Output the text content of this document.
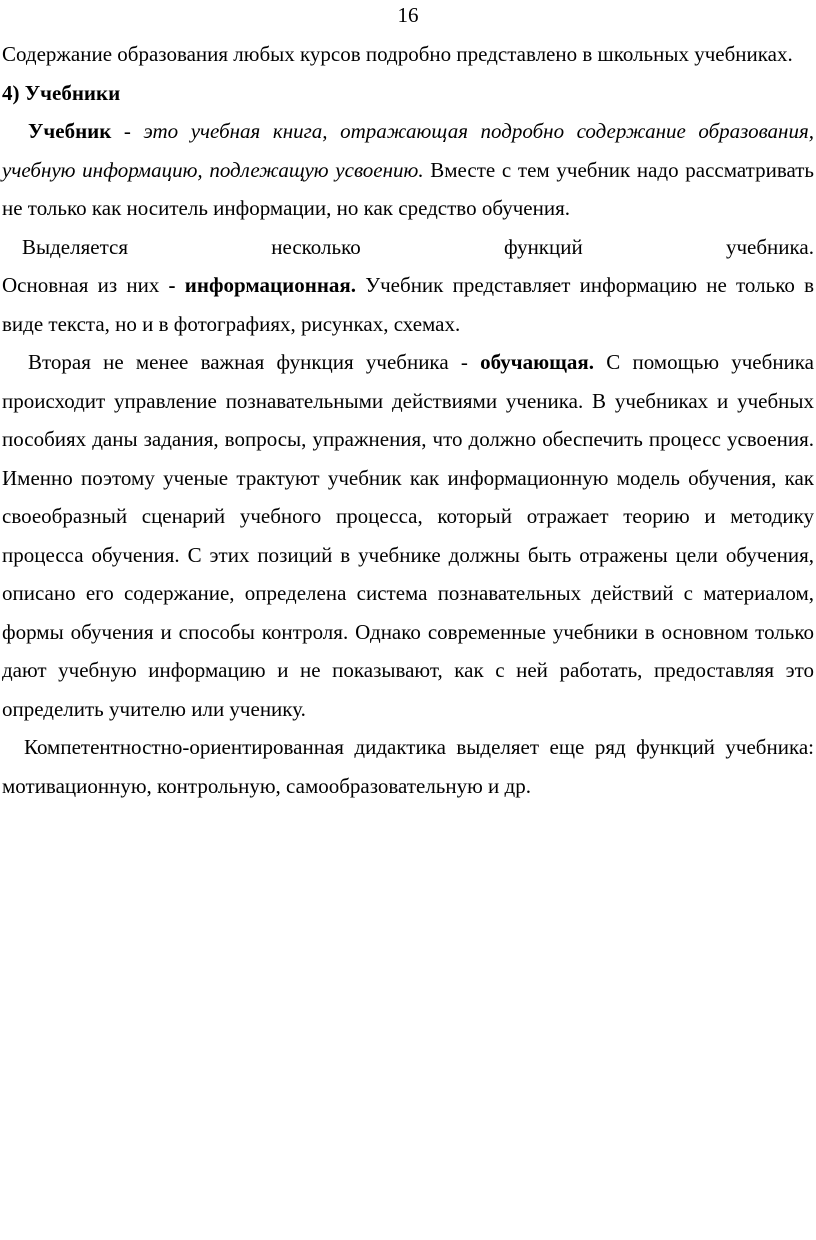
16

Содержание образования любых курсов подробно представлено в школьных учебниках.

4) Учебники

Учебник - это учебная книга, отражающая подробно содержание образования, учебную информацию, подлежащую усвоению. Вместе с тем учебник надо рассматривать не только как носитель информации, но как средство обучения.

Выделяется несколько функций учебника.

Основная из них - информационная. Учебник представляет информацию не только в виде текста, но и в фотографиях, рисунках, схемах.

Вторая не менее важная функция учебника - обучающая. С помощью учебника происходит управление познавательными действиями ученика. В учебниках и учебных пособиях даны задания, вопросы, упражнения, что должно обеспечить процесс усвоения. Именно поэтому ученые трактуют учебник как информационную модель обучения, как своеобразный сценарий учебного процесса, который отражает теорию и методику процесса обучения. С этих позиций в учебнике должны быть отражены цели обучения, описано его содержание, определена система познавательных действий с материалом, формы обучения и способы контроля. Однако современные учебники в основном только дают учебную информацию и не показывают, как с ней работать, предоставляя это определить учителю или ученику.

Компетентностно-ориентированная дидактика выделяет еще ряд функций учебника: мотивационную, контрольную, самообразовательную и др.
